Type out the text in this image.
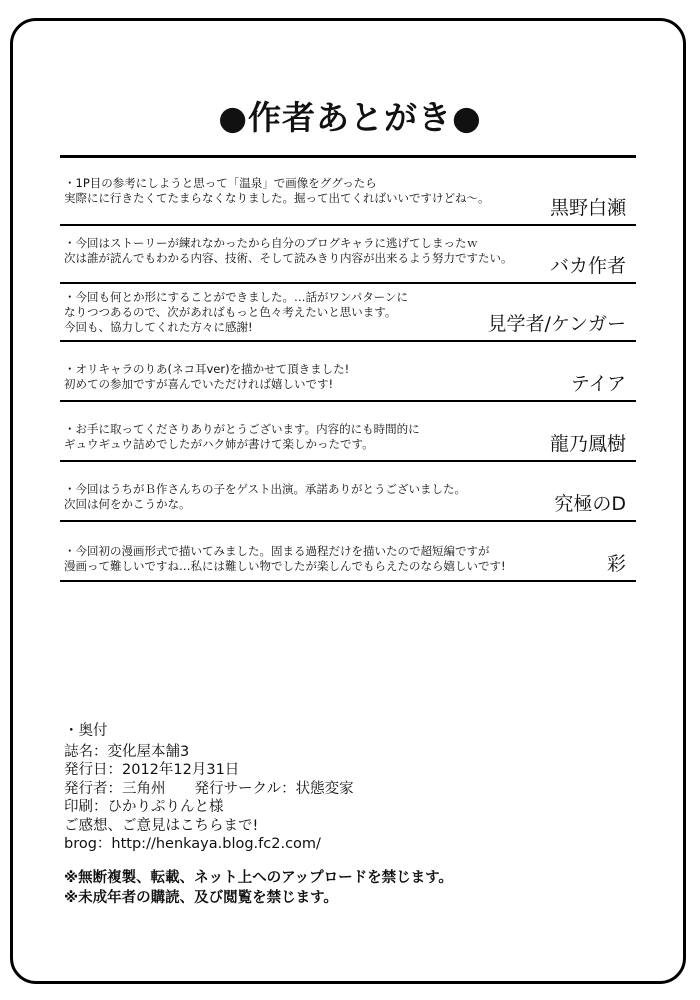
●作者あとがき●
・1P目の参考にしようと思って「温泉」で画像をググったら
実際にに行きたくてたまらなくなりました。掘って出てくればいいですけどね〜。	黒野白瀬
・今回はストーリーが練れなかったから自分のブログキャラに逃げてしまったｗ
次は誰が読んでもわかる内容、技術、そして読みきり内容が出来るよう努力ですたい。 バカ作者
・今回も何とか形にすることができました。…話がワンパターンに
なりつつあるので、次があればもっと色々考えたいと思います。
今回も、協力してくれた方々に感謝!	見学者/ケンガー
・オリキャラのりあ(ネコ耳ver)を描かせて頂きました!
初めての参加ですが喜んでいただければ嬉しいです!	テイア
・お手に取ってくださりありがとうございます。内容的にも時間的に
ギュウギュウ詰めでしたがハク姉が書けて楽しかったです。	龍乃鳳樹
・今回はうちがＢ作さんちの子をゲスト出演。承諾ありがとうございました。
次回は何をかこうかな。	究極のD
・今回初の漫画形式で描いてみました。固まる過程だけを描いたので超短編ですが
漫画って難しいですね…私には難しい物でしたが楽しんでもらえたのなら嬉しいです!	彩
・奥付
誌名：変化屋本舗3
発行日：2012年12月31日
発行者：三角州　　発行サークル：状態変家
印刷：ひかりぷりんと様
ご感想、ご意見はこちらまで!
brog：http://henkaya.blog.fc2.com/
※無断複製、転載、ネット上へのアップロードを禁じます。
※未成年者の購読、及び閲覧を禁じます。
